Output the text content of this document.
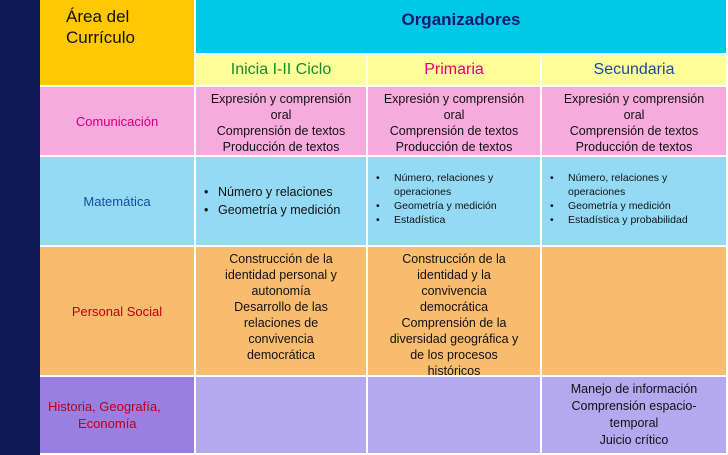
Área del
Currículo
Organizadores
Inicia I-II Ciclo	Primaria	Secundaria
Comunicación
Expresión y comprensión
oral
Comprensión de textos
Producción de textos
Expresión y comprensión
oral
Comprensión de textos
Producción de textos
Expresión y comprensión
oral
Comprensión de textos
Producción de textos
Matemática
• Número y relaciones
• Geometría y medición
• Número, relaciones y operaciones
• Geometría y medición
• Estadística
• Número, relaciones y operaciones
• Geometría y medición
• Estadística y probabilidad
Personal Social
Construcción de la
identidad personal y
autonomía
Desarrollo de las
relaciones de
convivencia
democrática
Construcción de la
identidad y la
convivencia
democrática
Comprensión de la
diversidad geográfica y
de los procesos
históricos
Historia, Geografía,
Economía
Manejo de información
Comprensión espacio-
temporal
Juicio crítico
